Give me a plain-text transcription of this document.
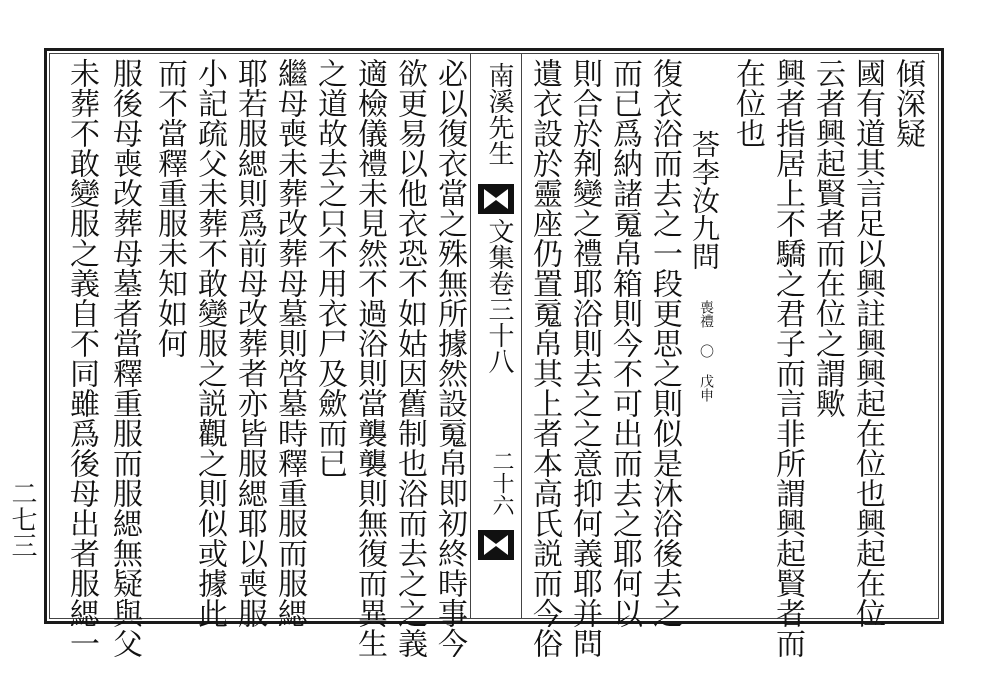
在位也 興者指居上不驕之君子而言非所謂興起賢者而 云者興起賢者而在位之謂歟 國有道其言足以興註興興起在位也興起在位 傾深疑
荅李汝九問
喪禮 〇 戊申
復衣浴而去之一段更思之則似是沐浴後去之
而已爲納諸䰟帛箱則今不可出而去之耶何以
則合於㓫變之禮耶浴則去之之意抑何義耶并問
遺衣設於靈座仍置䰟帛其上者本高氏説而今俗
南溪先生
文集卷三十八
二十六
必以復衣當之殊無所據然設䰟帛即初終時事今
欲更易以他衣恐不如姑因舊制也浴而去之之義
適檢儀禮未見然不過浴則當襲襲則無復而異生
之道故去之只不用衣尸及歛而已
繼母喪未葬改葬母墓則啓墓時釋重服而服緦
耶若服緦則爲前母改葬者亦皆服緦耶以喪服
小記疏父未葬不敢變服之説觀之則似或據此
而不當釋重服未知如何
服後母喪改葬母墓者當釋重服而服緦無疑與父
未葬不敢變服之義自不同雖爲後母出者服緦一
二七三
